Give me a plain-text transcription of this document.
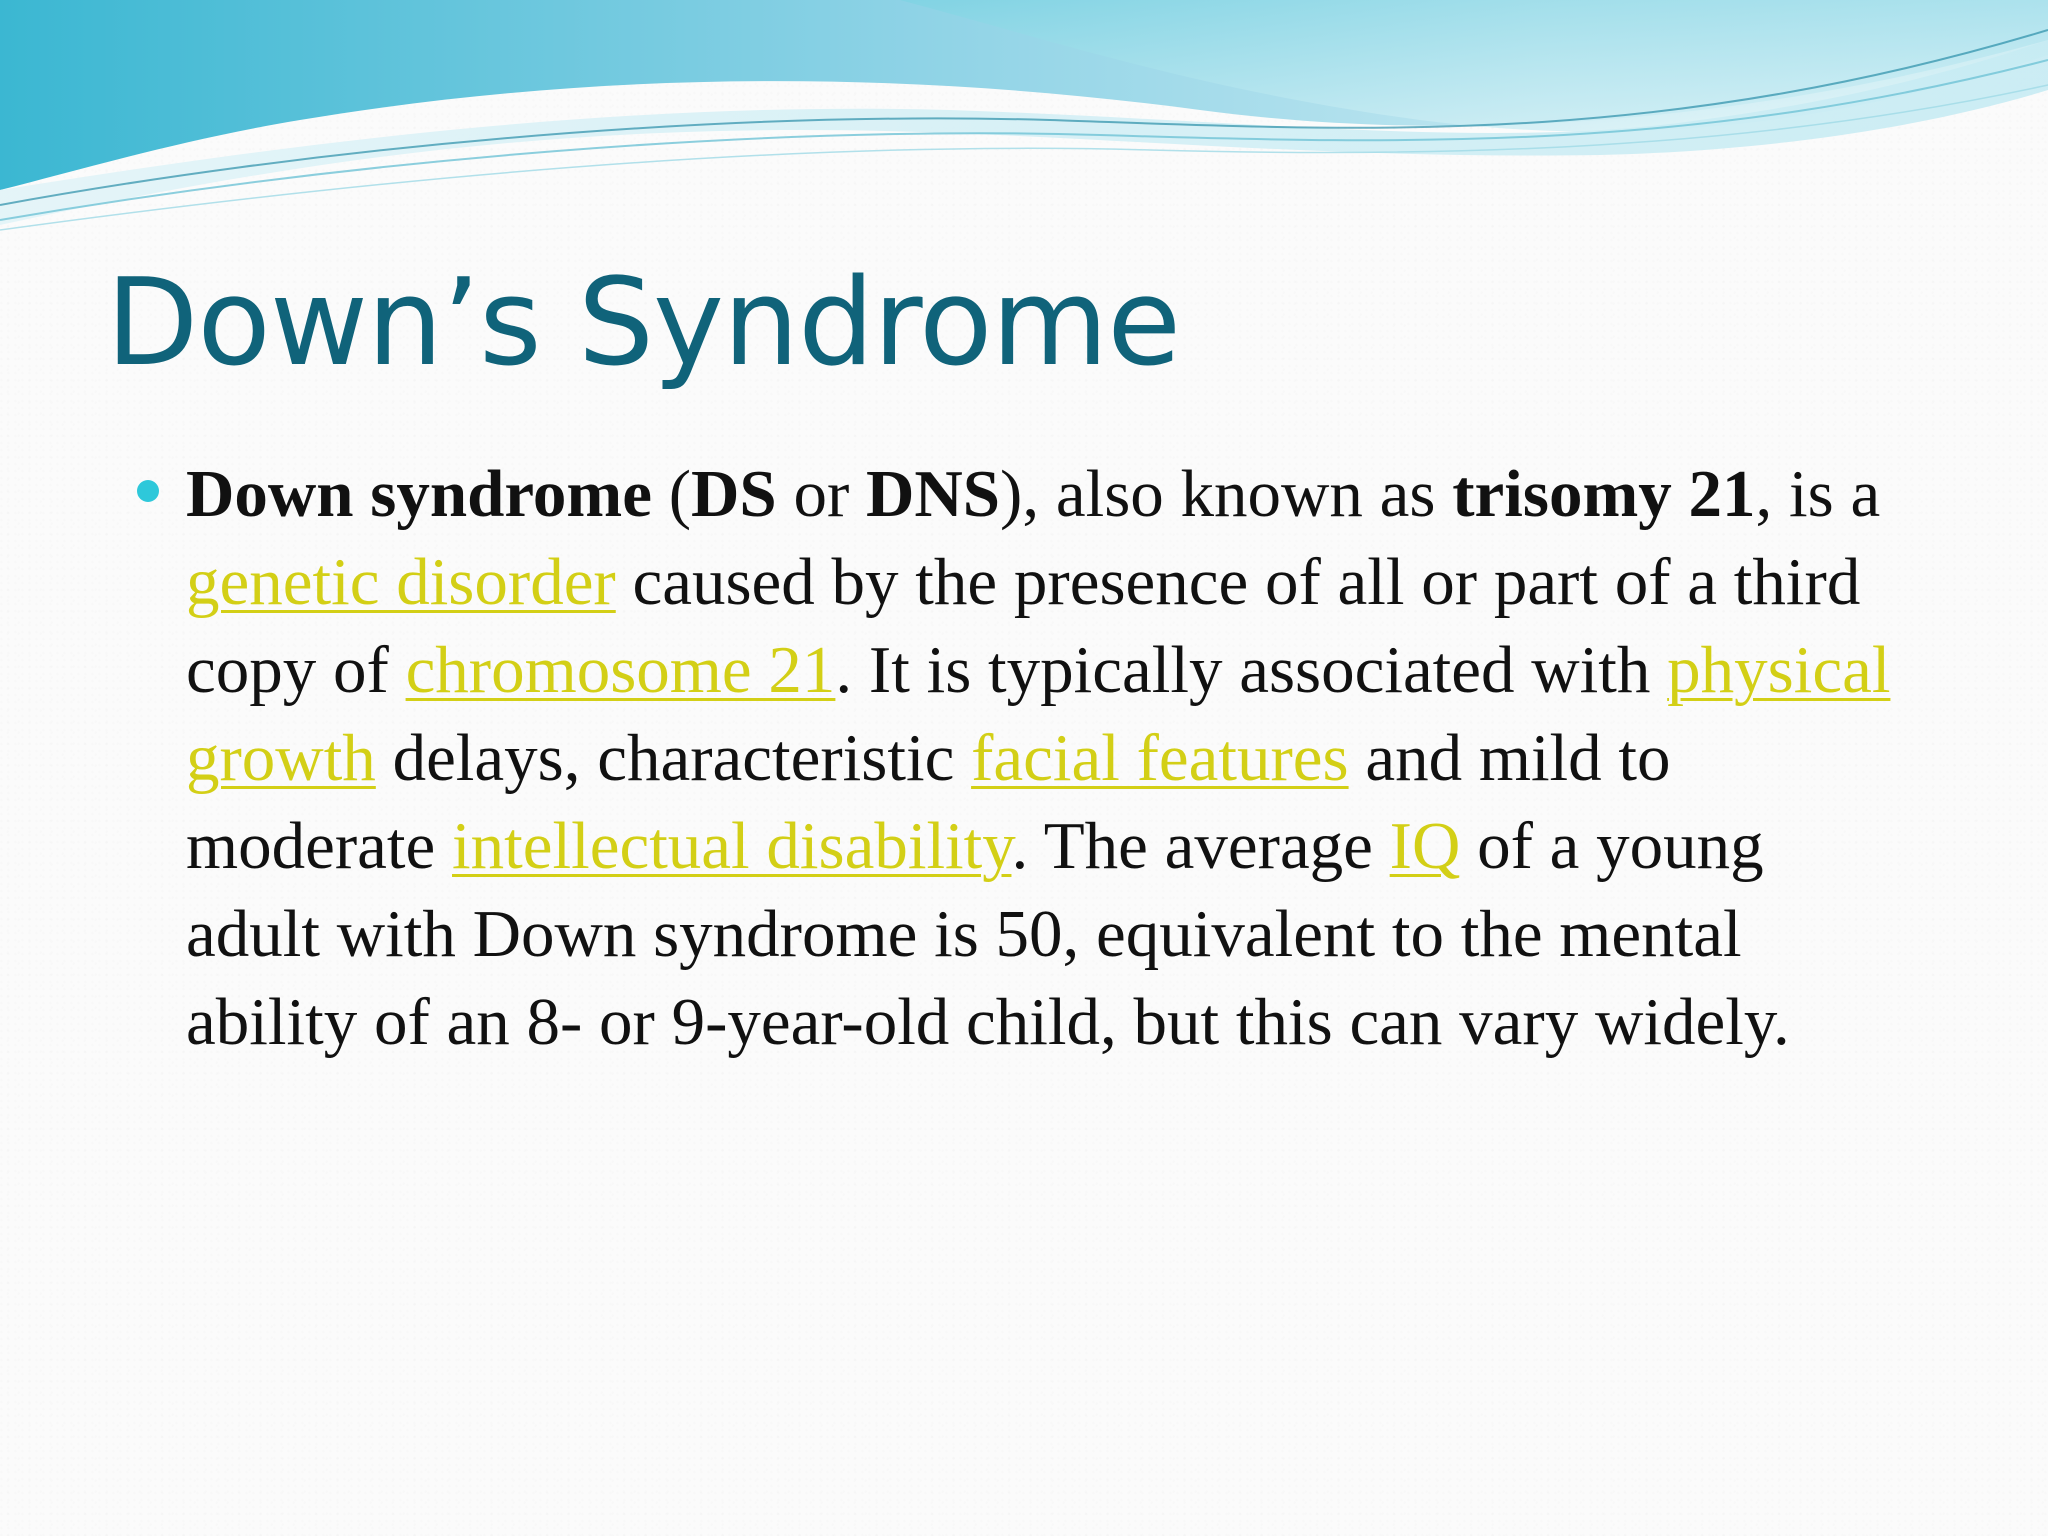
Down’s Syndrome

Down syndrome (DS or DNS), also known as trisomy 21, is a genetic disorder caused by the presence of all or part of a third copy of chromosome 21. It is typically associated with physical growth delays, characteristic facial features and mild to moderate intellectual disability. The average IQ of a young adult with Down syndrome is 50, equivalent to the mental ability of an 8- or 9-year-old child, but this can vary widely.
